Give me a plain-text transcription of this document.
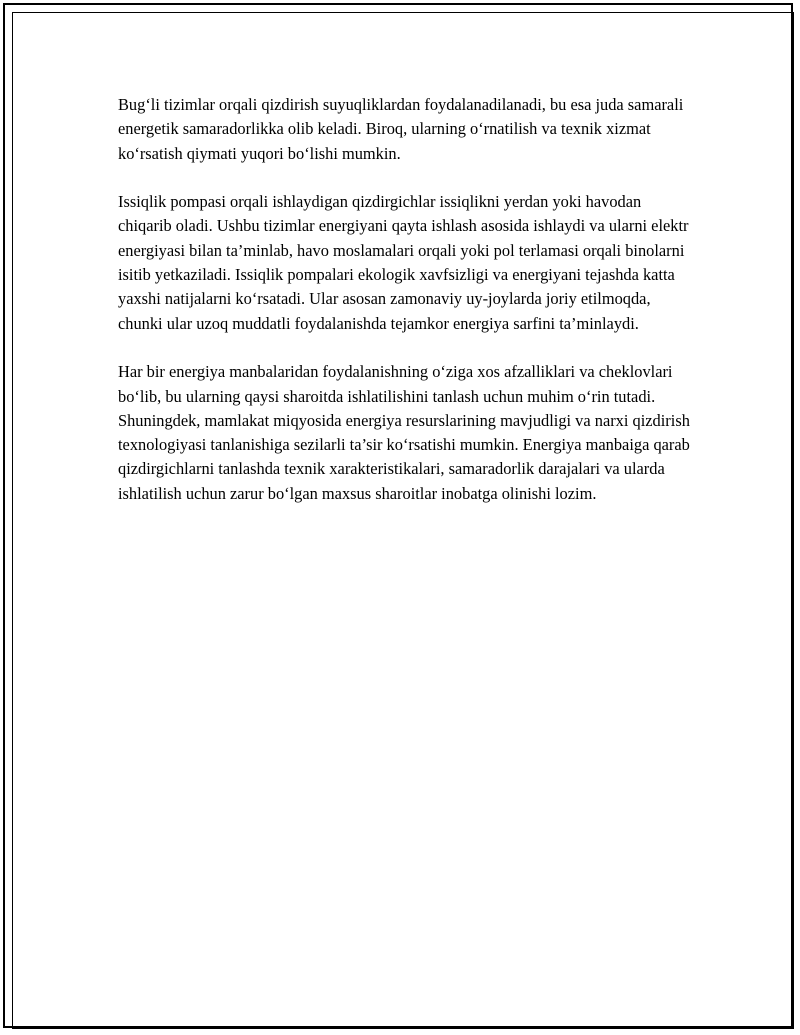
Bug‘li tizimlar orqali qizdirish suyuqliklardan foydalanadilanadi, bu esa juda samarali energetik samaradorlikka olib keladi. Biroq, ularning o‘rnatilish va texnik xizmat ko‘rsatish qiymati yuqori bo‘lishi mumkin.

Issiqlik pompasi orqali ishlaydigan qizdirgichlar issiqlikni yerdan yoki havodan chiqarib oladi. Ushbu tizimlar energiyani qayta ishlash asosida ishlaydi va ularni elektr energiyasi bilan ta’minlab, havo moslamalari orqali yoki pol terlamasi orqali binolarni isitib yetkaziladi. Issiqlik pompalari ekologik xavfsizligi va energiyani tejashda katta yaxshi natijalarni ko‘rsatadi. Ular asosan zamonaviy uy-joylarda joriy etilmoqda, chunki ular uzoq muddatli foydalanishda tejamkor energiya sarfini ta’minlaydi.

Har bir energiya manbalaridan foydalanishning o‘ziga xos afzalliklari va cheklovlari bo‘lib, bu ularning qaysi sharoitda ishlatilishini tanlash uchun muhim o‘rin tutadi. Shuningdek, mamlakat miqyosida energiya resurslarining mavjudligi va narxi qizdirish texnologiyasi tanlanishiga sezilarli ta’sir ko‘rsatishi mumkin. Energiya manbaiga qarab qizdirgichlarni tanlashda texnik xarakteristikalari, samaradorlik darajalari va ularda ishlatilish uchun zarur bo‘lgan maxsus sharoitlar inobatga olinishi lozim.
